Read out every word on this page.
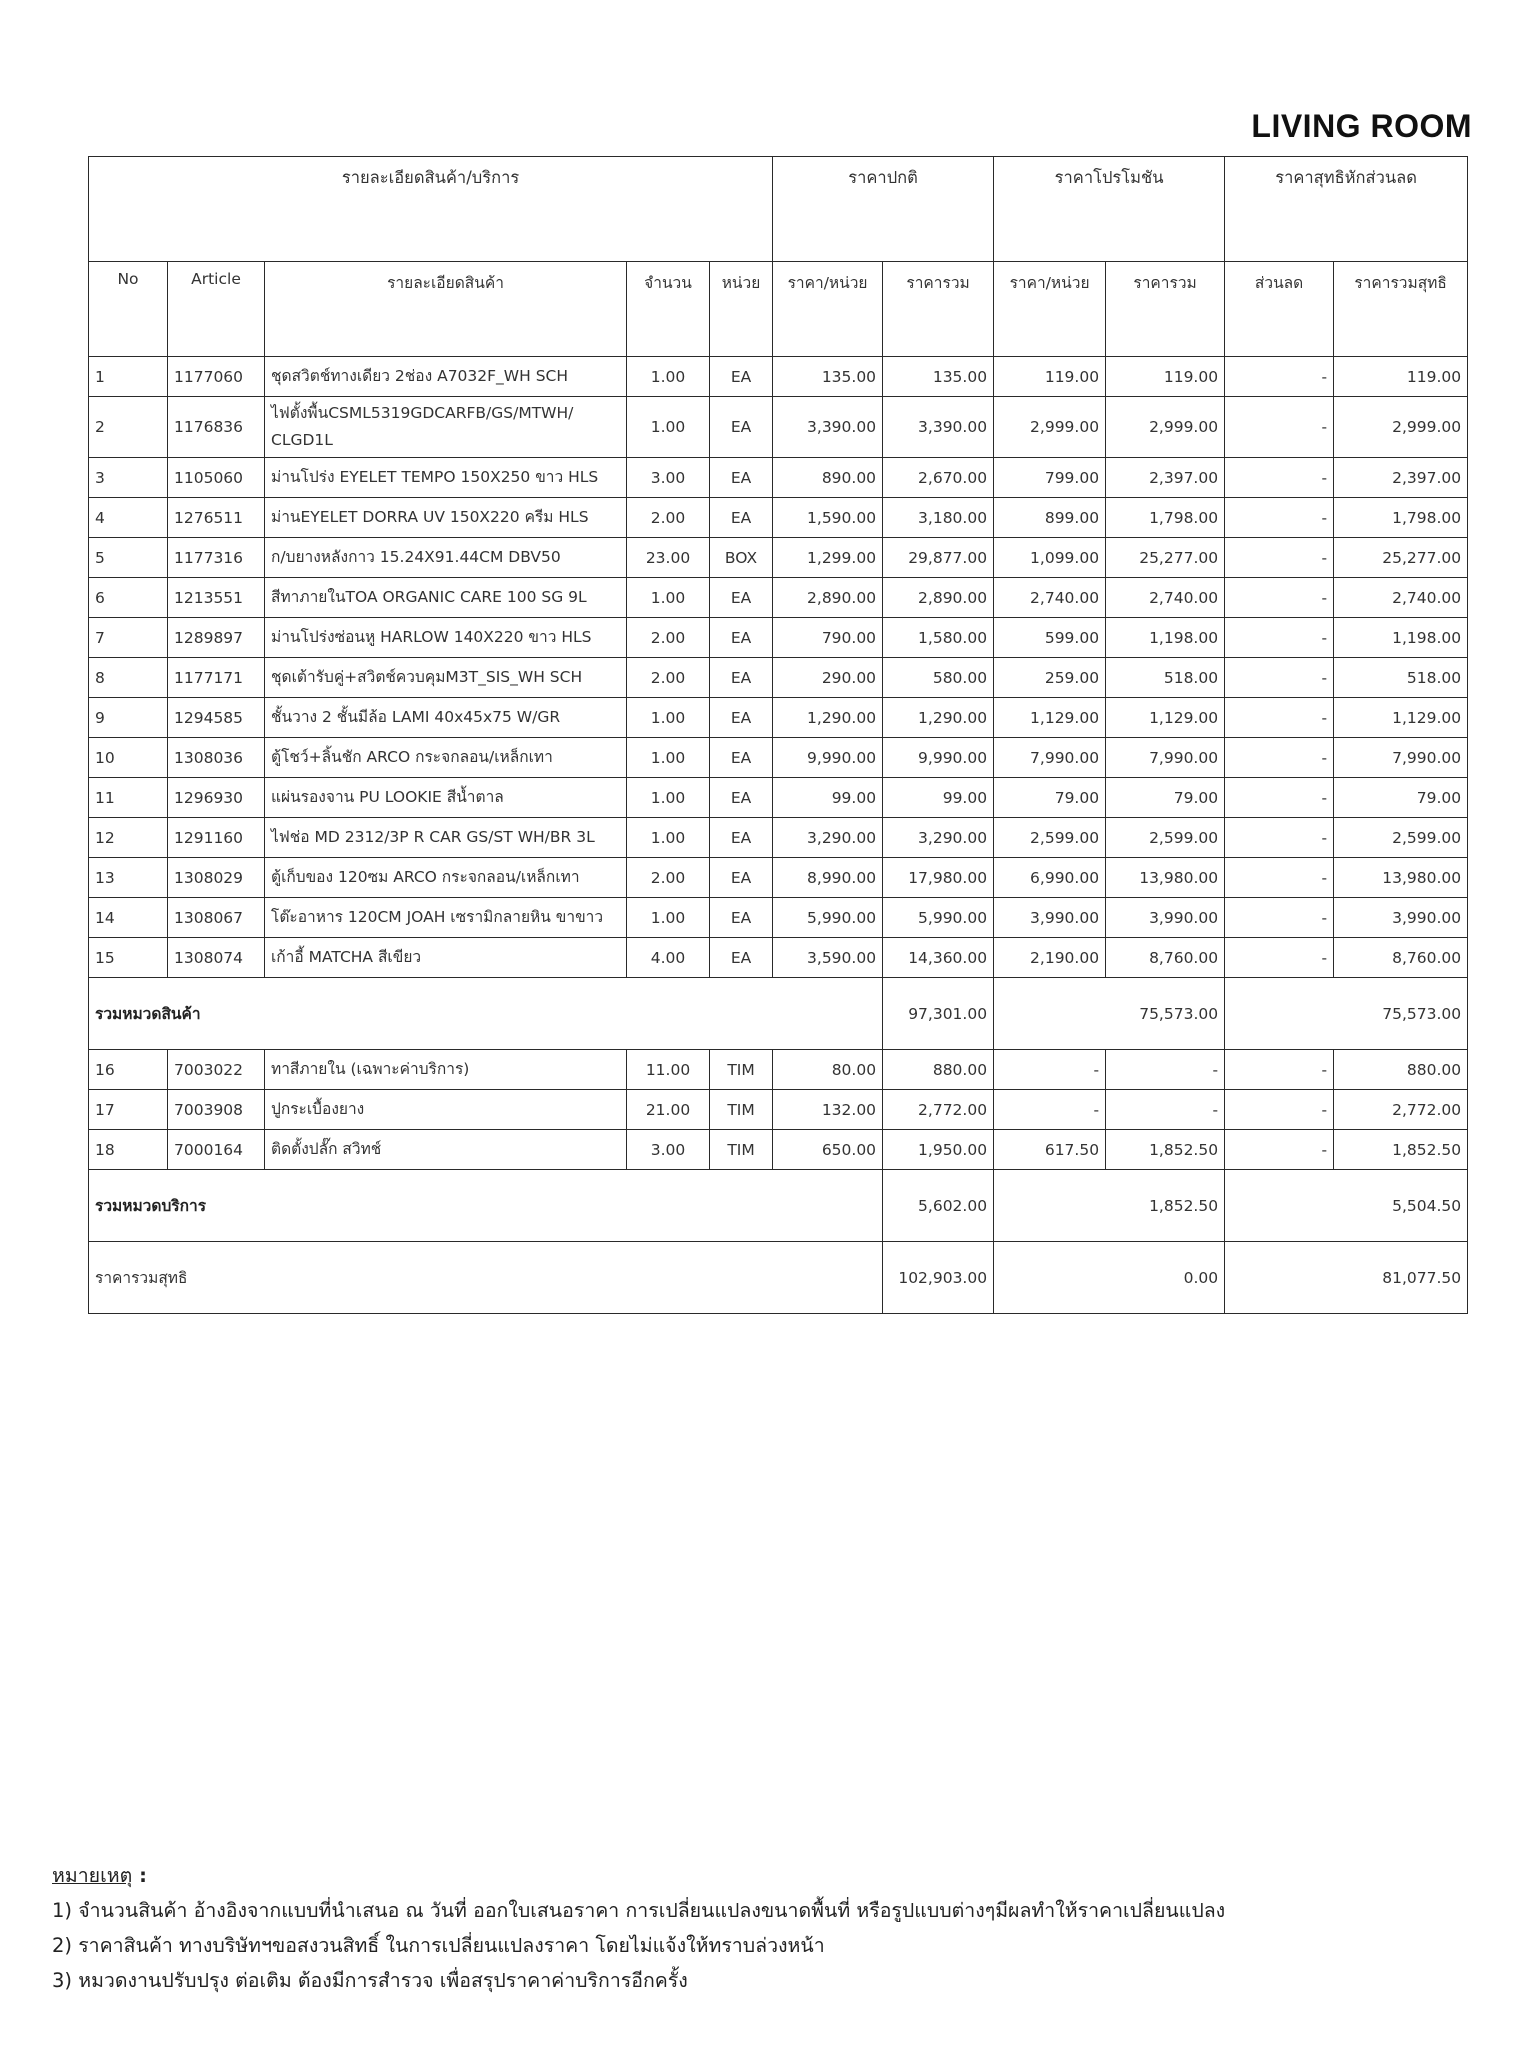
LIVING ROOM
รายละเอียดสินค้า/บริการ					ราคาปกติ		ราคาโปรโมชัน		ราคาสุทธิหักส่วนลด	
No	Article	รายละเอียดสินค้า	จำนวน	หน่วย	ราคา/หน่วย	ราคารวม	ราคา/หน่วย	ราคารวม	ส่วนลด	ราคารวมสุทธิ
1	1177060	ชุดสวิตช์ทางเดียว 2ช่อง A7032F_WH SCH	1.00	EA	135.00	135.00	119.00	119.00	-	119.00
2	1176836	ไฟตั้งพื้นCSML5319GDCARFB/GS/MTWH/ CLGD1L	1.00	EA	3,390.00	3,390.00	2,999.00	2,999.00	-	2,999.00
3	1105060	ม่านโปร่ง EYELET TEMPO 150X250 ขาว HLS	3.00	EA	890.00	2,670.00	799.00	2,397.00	-	2,397.00
4	1276511	ม่านEYELET DORRA UV 150X220 ครีม HLS	2.00	EA	1,590.00	3,180.00	899.00	1,798.00	-	1,798.00
5	1177316	ก/บยางหลังกาว 15.24X91.44CM DBV50	23.00	BOX	1,299.00	29,877.00	1,099.00	25,277.00	-	25,277.00
6	1213551	สีทาภายในTOA ORGANIC CARE 100 SG 9L	1.00	EA	2,890.00	2,890.00	2,740.00	2,740.00	-	2,740.00
7	1289897	ม่านโปร่งซ่อนหู HARLOW 140X220 ขาว HLS	2.00	EA	790.00	1,580.00	599.00	1,198.00	-	1,198.00
8	1177171	ชุดเต้ารับคู่+สวิตช์ควบคุมM3T_SIS_WH SCH	2.00	EA	290.00	580.00	259.00	518.00	-	518.00
9	1294585	ชั้นวาง 2 ชั้นมีล้อ LAMI 40x45x75 W/GR	1.00	EA	1,290.00	1,290.00	1,129.00	1,129.00	-	1,129.00
10	1308036	ตู้โชว์+ลิ้นชัก ARCO กระจกลอน/เหล็กเทา	1.00	EA	9,990.00	9,990.00	7,990.00	7,990.00	-	7,990.00
11	1296930	แผ่นรองจาน PU LOOKIE สีน้ำตาล	1.00	EA	99.00	99.00	79.00	79.00	-	79.00
12	1291160	ไฟช่อ MD 2312/3P R CAR GS/ST WH/BR 3L	1.00	EA	3,290.00	3,290.00	2,599.00	2,599.00	-	2,599.00
13	1308029	ตู้เก็บของ 120ซม ARCO กระจกลอน/เหล็กเทา	2.00	EA	8,990.00	17,980.00	6,990.00	13,980.00	-	13,980.00
14	1308067	โต๊ะอาหาร 120CM JOAH เซรามิกลายหิน ขาขาว	1.00	EA	5,990.00	5,990.00	3,990.00	3,990.00	-	3,990.00
15	1308074	เก้าอี้ MATCHA สีเขียว	4.00	EA	3,590.00	14,360.00	2,190.00	8,760.00	-	8,760.00
รวมหมวดสินค้า						97,301.00	75,573.00		75,573.00	
16	7003022	ทาสีภายใน (เฉพาะค่าบริการ)	11.00	TIM	80.00	880.00	-	-	-	880.00
17	7003908	ปูกระเบื้องยาง	21.00	TIM	132.00	2,772.00	-	-	-	2,772.00
18	7000164	ติดตั้งปลั๊ก สวิทช์	3.00	TIM	650.00	1,950.00	617.50	1,852.50	-	1,852.50
รวมหมวดบริการ						5,602.00	1,852.50		5,504.50	
ราคารวมสุทธิ						102,903.00	0.00		81,077.50	
หมายเหตุ :
1) จำนวนสินค้า อ้างอิงจากแบบที่นำเสนอ ณ วันที่ ออกใบเสนอราคา การเปลี่ยนแปลงขนาดพื้นที่ หรือรูปแบบต่างๆมีผลทำให้ราคาเปลี่ยนแปลง
2) ราคาสินค้า ทางบริษัทฯขอสงวนสิทธิ์ ในการเปลี่ยนแปลงราคา โดยไม่แจ้งให้ทราบล่วงหน้า
3) หมวดงานปรับปรุง ต่อเติม ต้องมีการสำรวจ เพื่อสรุปราคาค่าบริการอีกครั้ง
